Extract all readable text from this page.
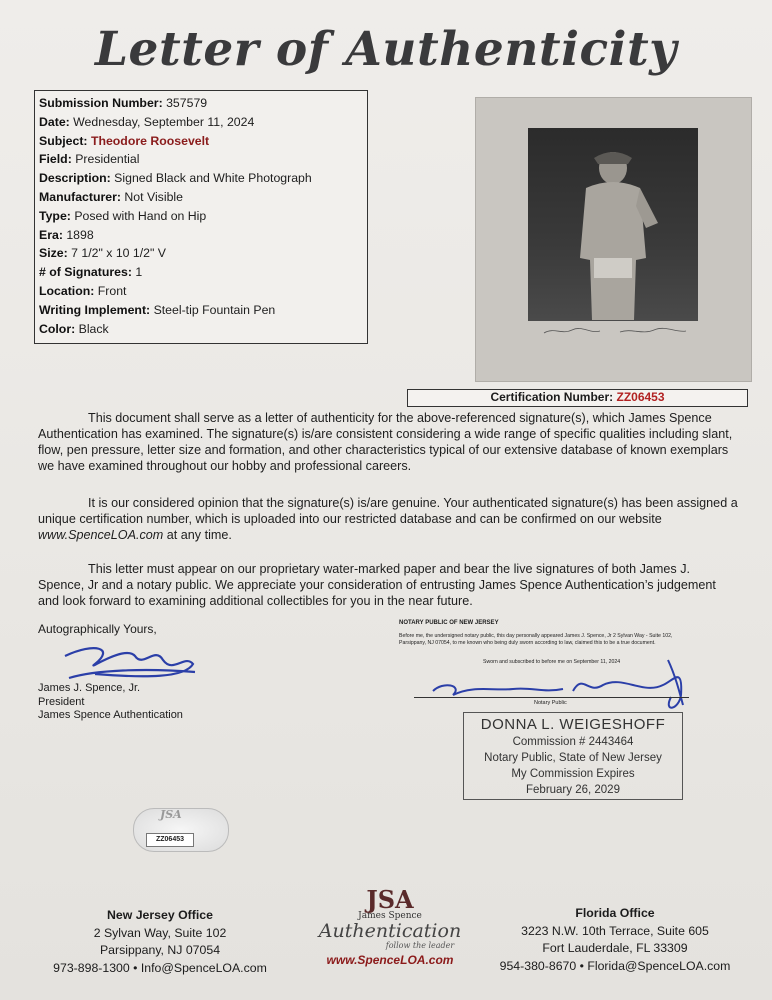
Letter of Authenticity
Submission Number: 357579
Date: Wednesday, September 11, 2024
Subject: Theodore Roosevelt
Field: Presidential
Description: Signed Black and White Photograph
Manufacturer: Not Visible
Type: Posed with Hand on Hip
Era: 1898
Size: 7 1/2" x 10 1/2" V
# of Signatures: 1
Location: Front
Writing Implement: Steel-tip Fountain Pen
Color: Black
Certification Number: ZZ06453

This document shall serve as a letter of authenticity for the above-referenced signature(s), which James Spence Authentication has examined. The signature(s) is/are consistent considering a wide range of specific qualities including slant, flow, pen pressure, letter size and formation, and other characteristics typical of our extensive database of known exemplars we have examined throughout our hobby and professional careers.

It is our considered opinion that the signature(s) is/are genuine. Your authenticated signature(s) has been assigned a unique certification number, which is uploaded into our restricted database and can be confirmed on our website www.SpenceLOA.com at any time.

This letter must appear on our proprietary water-marked paper and bear the live signatures of both James J. Spence, Jr and a notary public. We appreciate your consideration of entrusting James Spence Authentication’s judgement and look forward to examining additional collectibles for you in the near future.

Autographically Yours,
James J. Spence, Jr.
President
James Spence Authentication
NOTARY PUBLIC OF NEW JERSEY

Before me, the undersigned notary public, this day personally appeared James J. Spence, Jr 2 Sylvan Way - Suite 102, Parsippany, NJ 07054, to me known who being duly sworn according to law, claimed this to be a true document.

Sworn and subscribed to before me on September 11, 2024
Notary Public
DONNA L. WEIGESHOFF
Commission # 2443464
Notary Public, State of New Jersey
My Commission Expires
February 26, 2029
JSA
ZZ06453
New Jersey Office
2 Sylvan Way, Suite 102
Parsippany, NJ 07054
973-898-1300 • Info@SpenceLOA.com
JSA
James Spence
Authentication
follow the leader
www.SpenceLOA.com
Florida Office
3223 N.W. 10th Terrace, Suite 605
Fort Lauderdale, FL 33309
954-380-8670 • Florida@SpenceLOA.com
